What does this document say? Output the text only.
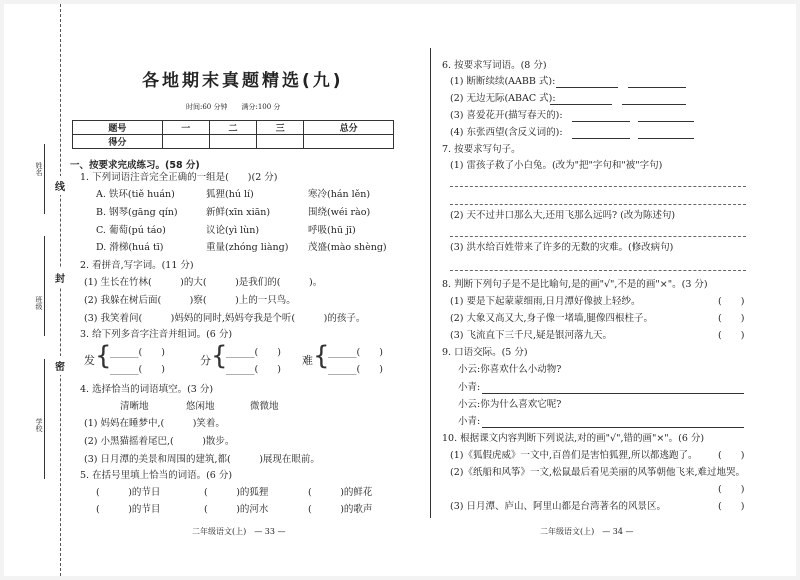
姓名
班级
学校
线
封
密
各地期末真题精选(九)
时间:60 分钟　　满分:100 分
题号	一	二	三	总分
得分				
一、按要求完成练习。(58 分)
1. 下列词语注音完全正确的一组是(　　)(2 分)
A. 铁环(tiě huán)	狐狸(hú lí)	寒冷(hán lěn)
B. 钢琴(gāng qín)	新鲜(xīn xiān)	围绕(wéi rào)
C. 葡萄(pú táo)	议论(yì lùn)	呼吸(hū jī)
D. 滑梯(huá tī)	重量(zhóng liàng) 茂盛(mào shèng)
2. 看拼音,写字词。(11 分)
(1) 生长在竹林(　　　)的大(　　　)是我们的(　　　)。
(2) 我躲在树后面(　　　)察(　　　)上的一只鸟。
(3) 我笑着问(　　　)妈妈的同时,妈妈夸我是个听(　　　)的孩子。
3. 给下列多音字注音并组词。(6 分)
发 {
______(　　)
______(　　)
分 {
______(　　)
______(　　)
难 {
______(　　)
______(　　)
4. 选择恰当的词语填空。(3 分)
清晰地	悠闲地	微微地
(1) 妈妈在睡梦中,(　　　)笑着。
(2) 小黑猫摇着尾巴,(　　　)散步。
(3) 日月潭的美景和周围的建筑,都(　　　)展现在眼前。
5. 在括号里填上恰当的词语。(6 分)
(　　　)的节日	(　　　)的狐狸	(　　　)的鲜花
(　　　)的节目	(　　　)的河水	(　　　)的歌声
二年级语文(上)　— 33 —
6. 按要求写词语。(8 分)
(1) 断断续续(AABB 式):
(2) 无边无际(ABAC 式):
(3) 喜爱花开(描写春天的):
(4) 东张西望(含反义词的):
7. 按要求写句子。
(1) 雷孩子救了小白兔。(改为"把"字句和"被"字句)
(2) 天不过井口那么大,还用飞那么远吗? (改为陈述句)
(3) 洪水给百姓带来了许多的无数的灾难。(修改病句)
8. 判断下列句子是不是比喻句,是的画"√",不是的画"×"。(3 分)
(1) 要是下起蒙蒙细雨,日月潭好像披上轻纱。	(　　)
(2) 大象又高又大,身子像一堵墙,腿像四根柱子。	(　　)
(3) 飞流直下三千尺,疑是银河落九天。	(　　)
9. 口语交际。(5 分)
小云:你喜欢什么小动物?
小青:
小云:你为什么喜欢它呢?
小青:
10. 根据课文内容判断下列说法,对的画"√",错的画"×"。(6 分)
(1)《狐假虎威》一文中,百兽们是害怕狐狸,所以都逃跑了。 (　　)
(2)《纸船和风筝》一文,松鼠最后看见美丽的风筝朝他飞来,难过地哭。
(　　)
(3) 日月潭、庐山、阿里山都是台湾著名的风景区。	(　　)
二年级语文(上)　— 34 —
